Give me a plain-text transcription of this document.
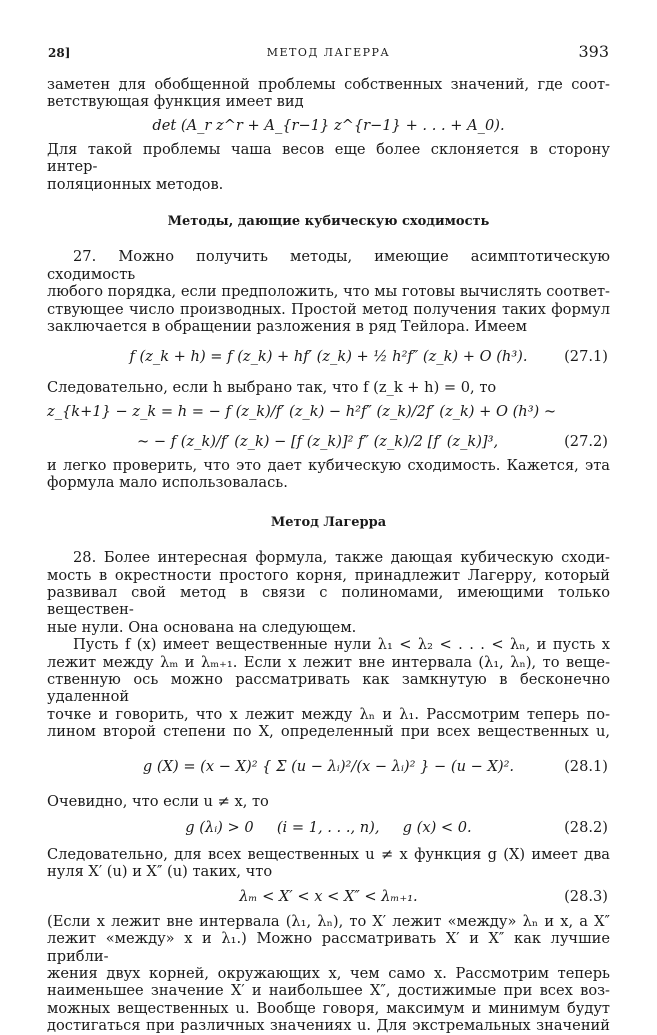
28]	МЕТОД ЛАГЕРРА	393

заметен для обобщенной проблемы собственных значений, где соот-
ветствующая функция имеет вид

det (A_r z^r + A_{r−1} z^{r−1} + . . . + A_0).

Для такой проблемы чаша весов еще более склоняется в сторону интер-
поляционных методов.

Методы, дающие кубическую сходимость

27. Можно получить методы, имеющие асимптотическую сходимость
любого порядка, если предположить, что мы готовы вычислять соответ-
ствующее число производных. Простой метод получения таких формул
заключается в обращении разложения в ряд Тейлора. Имеем

f (z_k + h) = f (z_k) + hf′ (z_k) + ½ h²f″ (z_k) + O (h³).	(27.1)

Следовательно, если h выбрано так, что f (z_k + h) = 0, то

z_{k+1} − z_k = h = − f (z_k)/f′ (z_k) − h²f″ (z_k)/2f′ (z_k) + O (h³) ~
~ − f (z_k)/f′ (z_k) − [f (z_k)]² f″ (z_k)/2 [f′ (z_k)]³,	(27.2)

и легко проверить, что это дает кубическую сходимость. Кажется, эта
формула мало использовалась.

Метод Лагерра

28. Более интересная формула, также дающая кубическую сходи-
мость в окрестности простого корня, принадлежит Лагерру, который
развивал свой метод в связи с полиномами, имеющими только веществен-
ные нули. Она основана на следующем.

Пусть f (x) имеет вещественные нули λ₁ < λ₂ < . . . < λₙ, и пусть x
лежит между λₘ и λₘ₊₁. Если x лежит вне интервала (λ₁, λₙ), то веще-
ственную ось можно рассматривать как замкнутую в бесконечно удаленной
точке и говорить, что x лежит между λₙ и λ₁. Рассмотрим теперь по-
лином второй степени по X, определенный при всех вещественных u,

g (X) = (x − X)² { Σ (u − λᵢ)²/(x − λᵢ)² } − (u − X)².	(28.1)

Очевидно, что если u ≠ x, то

g (λᵢ) > 0     (i = 1, . . ., n),     g (x) < 0.	(28.2)

Следовательно, для всех вещественных u ≠ x функция g (X) имеет два
нуля X′ (u) и X″ (u) таких, что

λₘ < X′ < x < X″ < λₘ₊₁.	(28.3)

(Если x лежит вне интервала (λ₁, λₙ), то X′ лежит «между» λₙ и x, а X″
лежит «между» x и λ₁.) Можно рассматривать X′ и X″ как лучшие прибли-
жения двух корней, окружающих x, чем само x. Рассмотрим теперь
наименьшее значение X′ и наибольшее X″, достижимые при всех воз-
можных вещественных u. Вообще говоря, максимум и минимум будут
достигаться при различных значениях u. Для экстремальных значений
